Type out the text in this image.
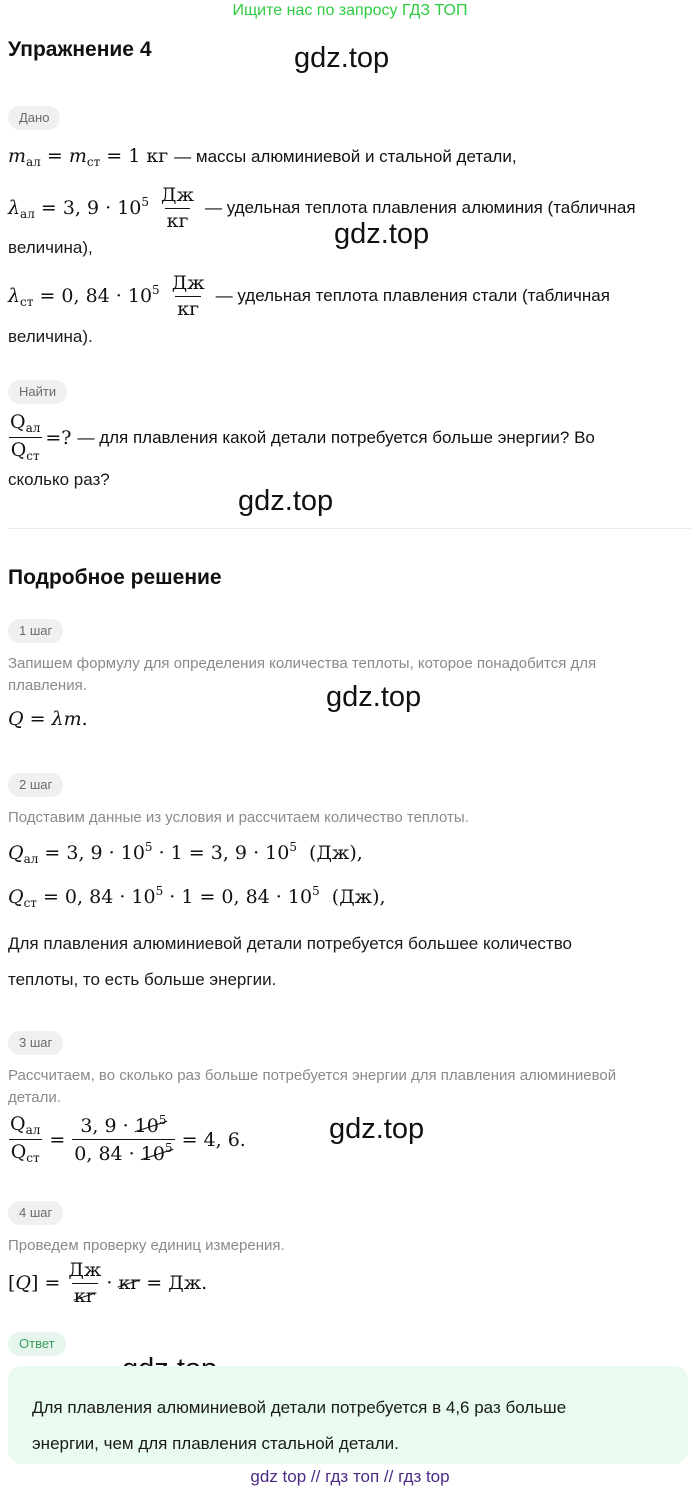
Ищите нас по запросу ГДЗ ТОП
Упражнение 4	gdz.top
gdz.top
gdz.top
gdz.top
gdz.top
Дано
$m_{ал} = m_{ст} = 1$ кг — массы алюминиевой и стальной детали,
$\lambda_{ал} = 3$, $9 \cdot 10^5 \frac{Дж}{кг}$ — удельная теплота плавления алюминия (табличная
величина),
$\lambda_{ст} = 0$, $84 \cdot 10^5 \frac{Дж}{кг}$ — удельная теплота плавления стали (табличная
величина).
Найти
$\frac{Q_{ал}}{Q_{ст}}$ =? — для плавления какой детали потребуется больше энергии? Во
сколько раз?
Подробное решение
1 шаг
Запишем формулу для определения количества теплоты, которое понадобится для
плавления.
Q = λm.
2 шаг
Подставим данные из условия и рассчитаем количество теплоты.
$Q_{ал} = 3$, $9 \cdot 10^5 \cdot 1 = 3$, $9 \cdot 10^5$  (Дж),
$Q_{ст} = 0$, $84 \cdot 10^5 \cdot 1 = 0$, $84 \cdot 10^5$  (Дж),
Для плавления алюминиевой детали потребуется большее количество
теплоты, то есть больше энергии.
3 шаг
Рассчитаем, во сколько раз больше потребуется энергии для плавления алюминиевой
детали.
$\frac{Q_{ал}}{Q_{ст}} = \frac{3, 9 \cdot 10^5}{0, 84 \cdot 10^5} = 4$, 6.
4 шаг
Проведем проверку единиц измерения.
$[Q] = \frac{Дж}{кг}$ · кг = Дж.
Ответ
Для плавления алюминиевой детали потребуется в 4,6 раз больше
энергии, чем для плавления стальной детали.
gdz top // гдз топ // гдз top
